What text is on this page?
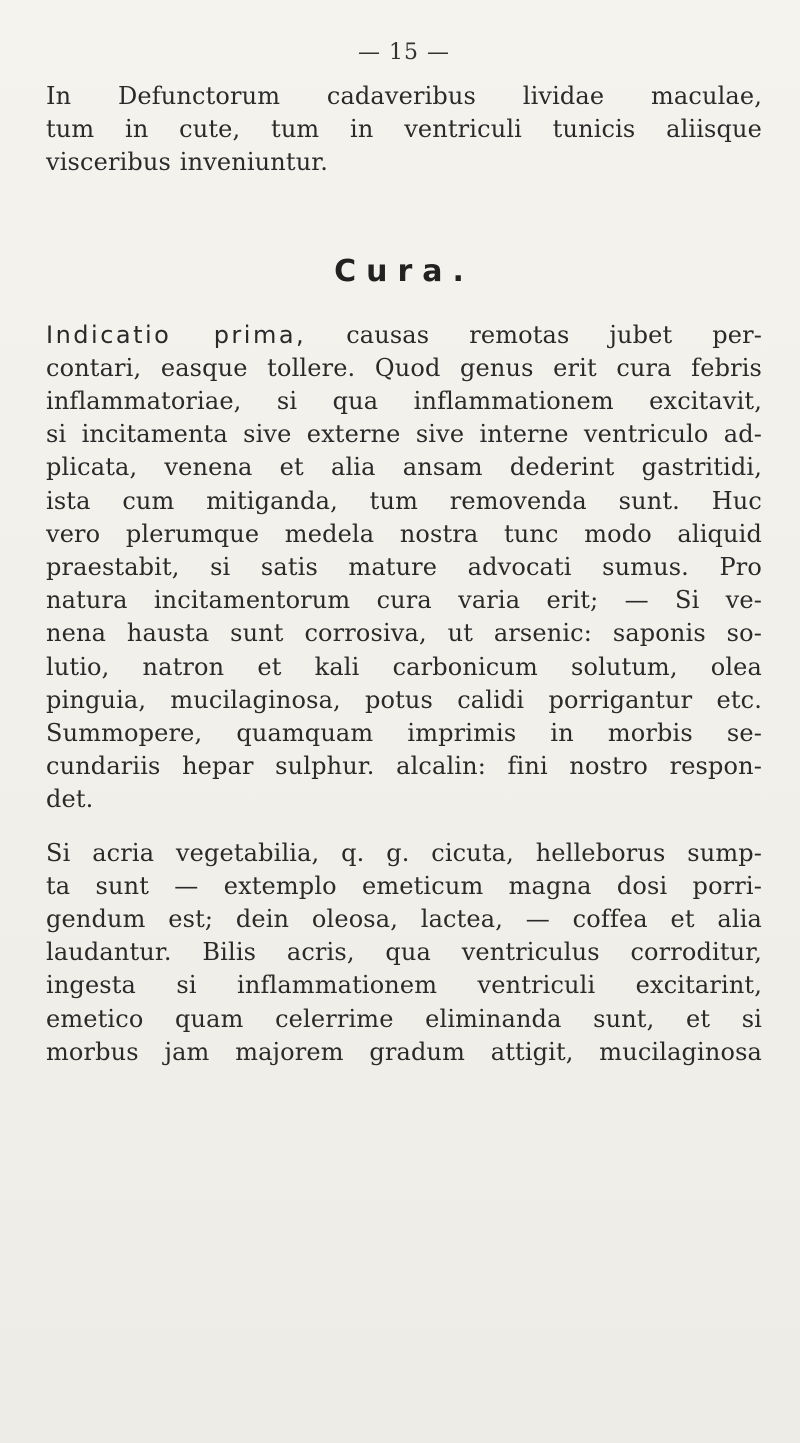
— 15 —

In Defunctorum cadaveribus lividae maculae,
tum in cute, tum in ventriculi tunicis aliisque
visceribus inveniuntur.

Cura.

Indicatio prima, causas remotas jubet per-
contari, easque tollere. Quod genus erit cura febris
inflammatoriae, si qua inflammationem excitavit,
si incitamenta sive externe sive interne ventriculo ad-
plicata, venena et alia ansam dederint gastritidi,
ista cum mitiganda, tum removenda sunt. Huc
vero plerumque medela nostra tunc modo aliquid
praestabit, si satis mature advocati sumus. Pro
natura incitamentorum cura varia erit; — Si ve-
nena hausta sunt corrosiva, ut arsenic: saponis so-
lutio, natron et kali carbonicum solutum, olea
pinguia, mucilaginosa, potus calidi porrigantur etc.
Summopere, quamquam imprimis in morbis se-
cundariis hepar sulphur. alcalin: fini nostro respon-
det.

Si acria vegetabilia, q. g. cicuta, helleborus sump-
ta sunt — extemplo emeticum magna dosi porri-
gendum est; dein oleosa, lactea, — coffea et alia
laudantur. Bilis acris, qua ventriculus corroditur,
ingesta si inflammationem ventriculi excitarint,
emetico quam celerrime eliminanda sunt, et si
morbus jam majorem gradum attigit, mucilaginosa
